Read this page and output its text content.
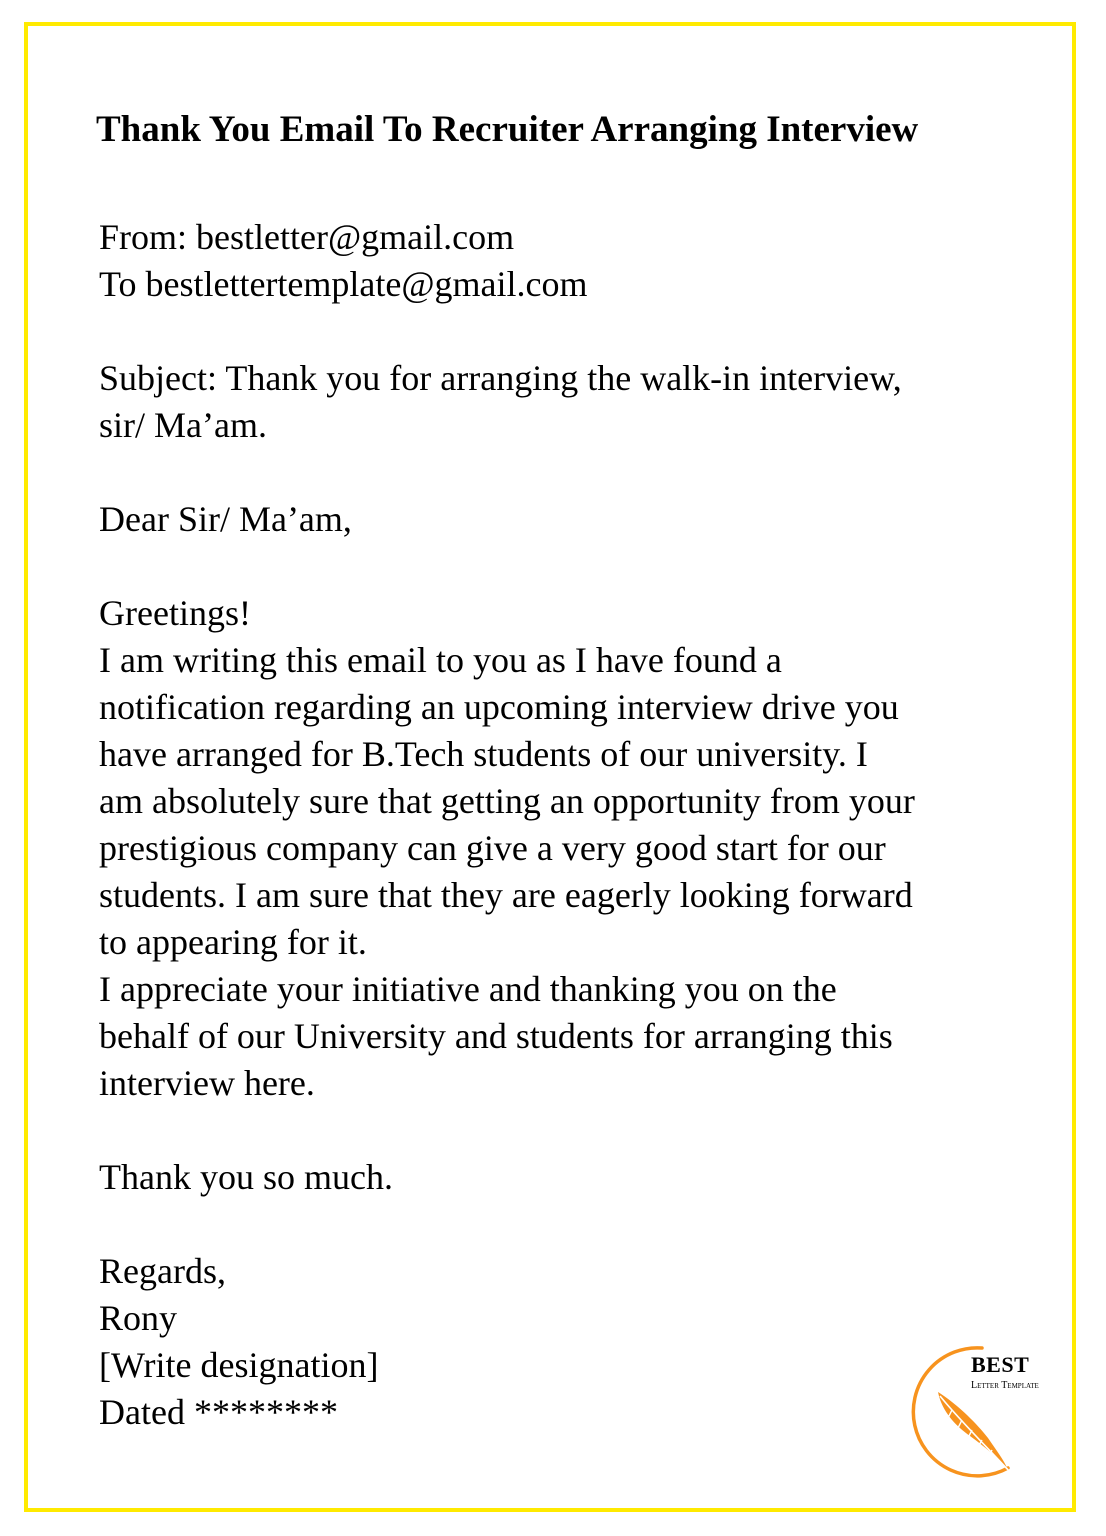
Thank You Email To Recruiter Arranging Interview
From: bestletter@gmail.com
To bestlettertemplate@gmail.com
Subject: Thank you for arranging the walk-in interview,
sir/ Ma’am.
Dear Sir/ Ma’am,
Greetings!
I am writing this email to you as I have found a
notification regarding an upcoming interview drive you
have arranged for B.Tech students of our university. I
am absolutely sure that getting an opportunity from your
prestigious company can give a very good start for our
students. I am sure that they are eagerly looking forward
to appearing for it.
I appreciate your initiative and thanking you on the
behalf of our University and students for arranging this
interview here.
Thank you so much.
Regards,
Rony
[Write designation]
Dated ********
BEST
Letter Template
